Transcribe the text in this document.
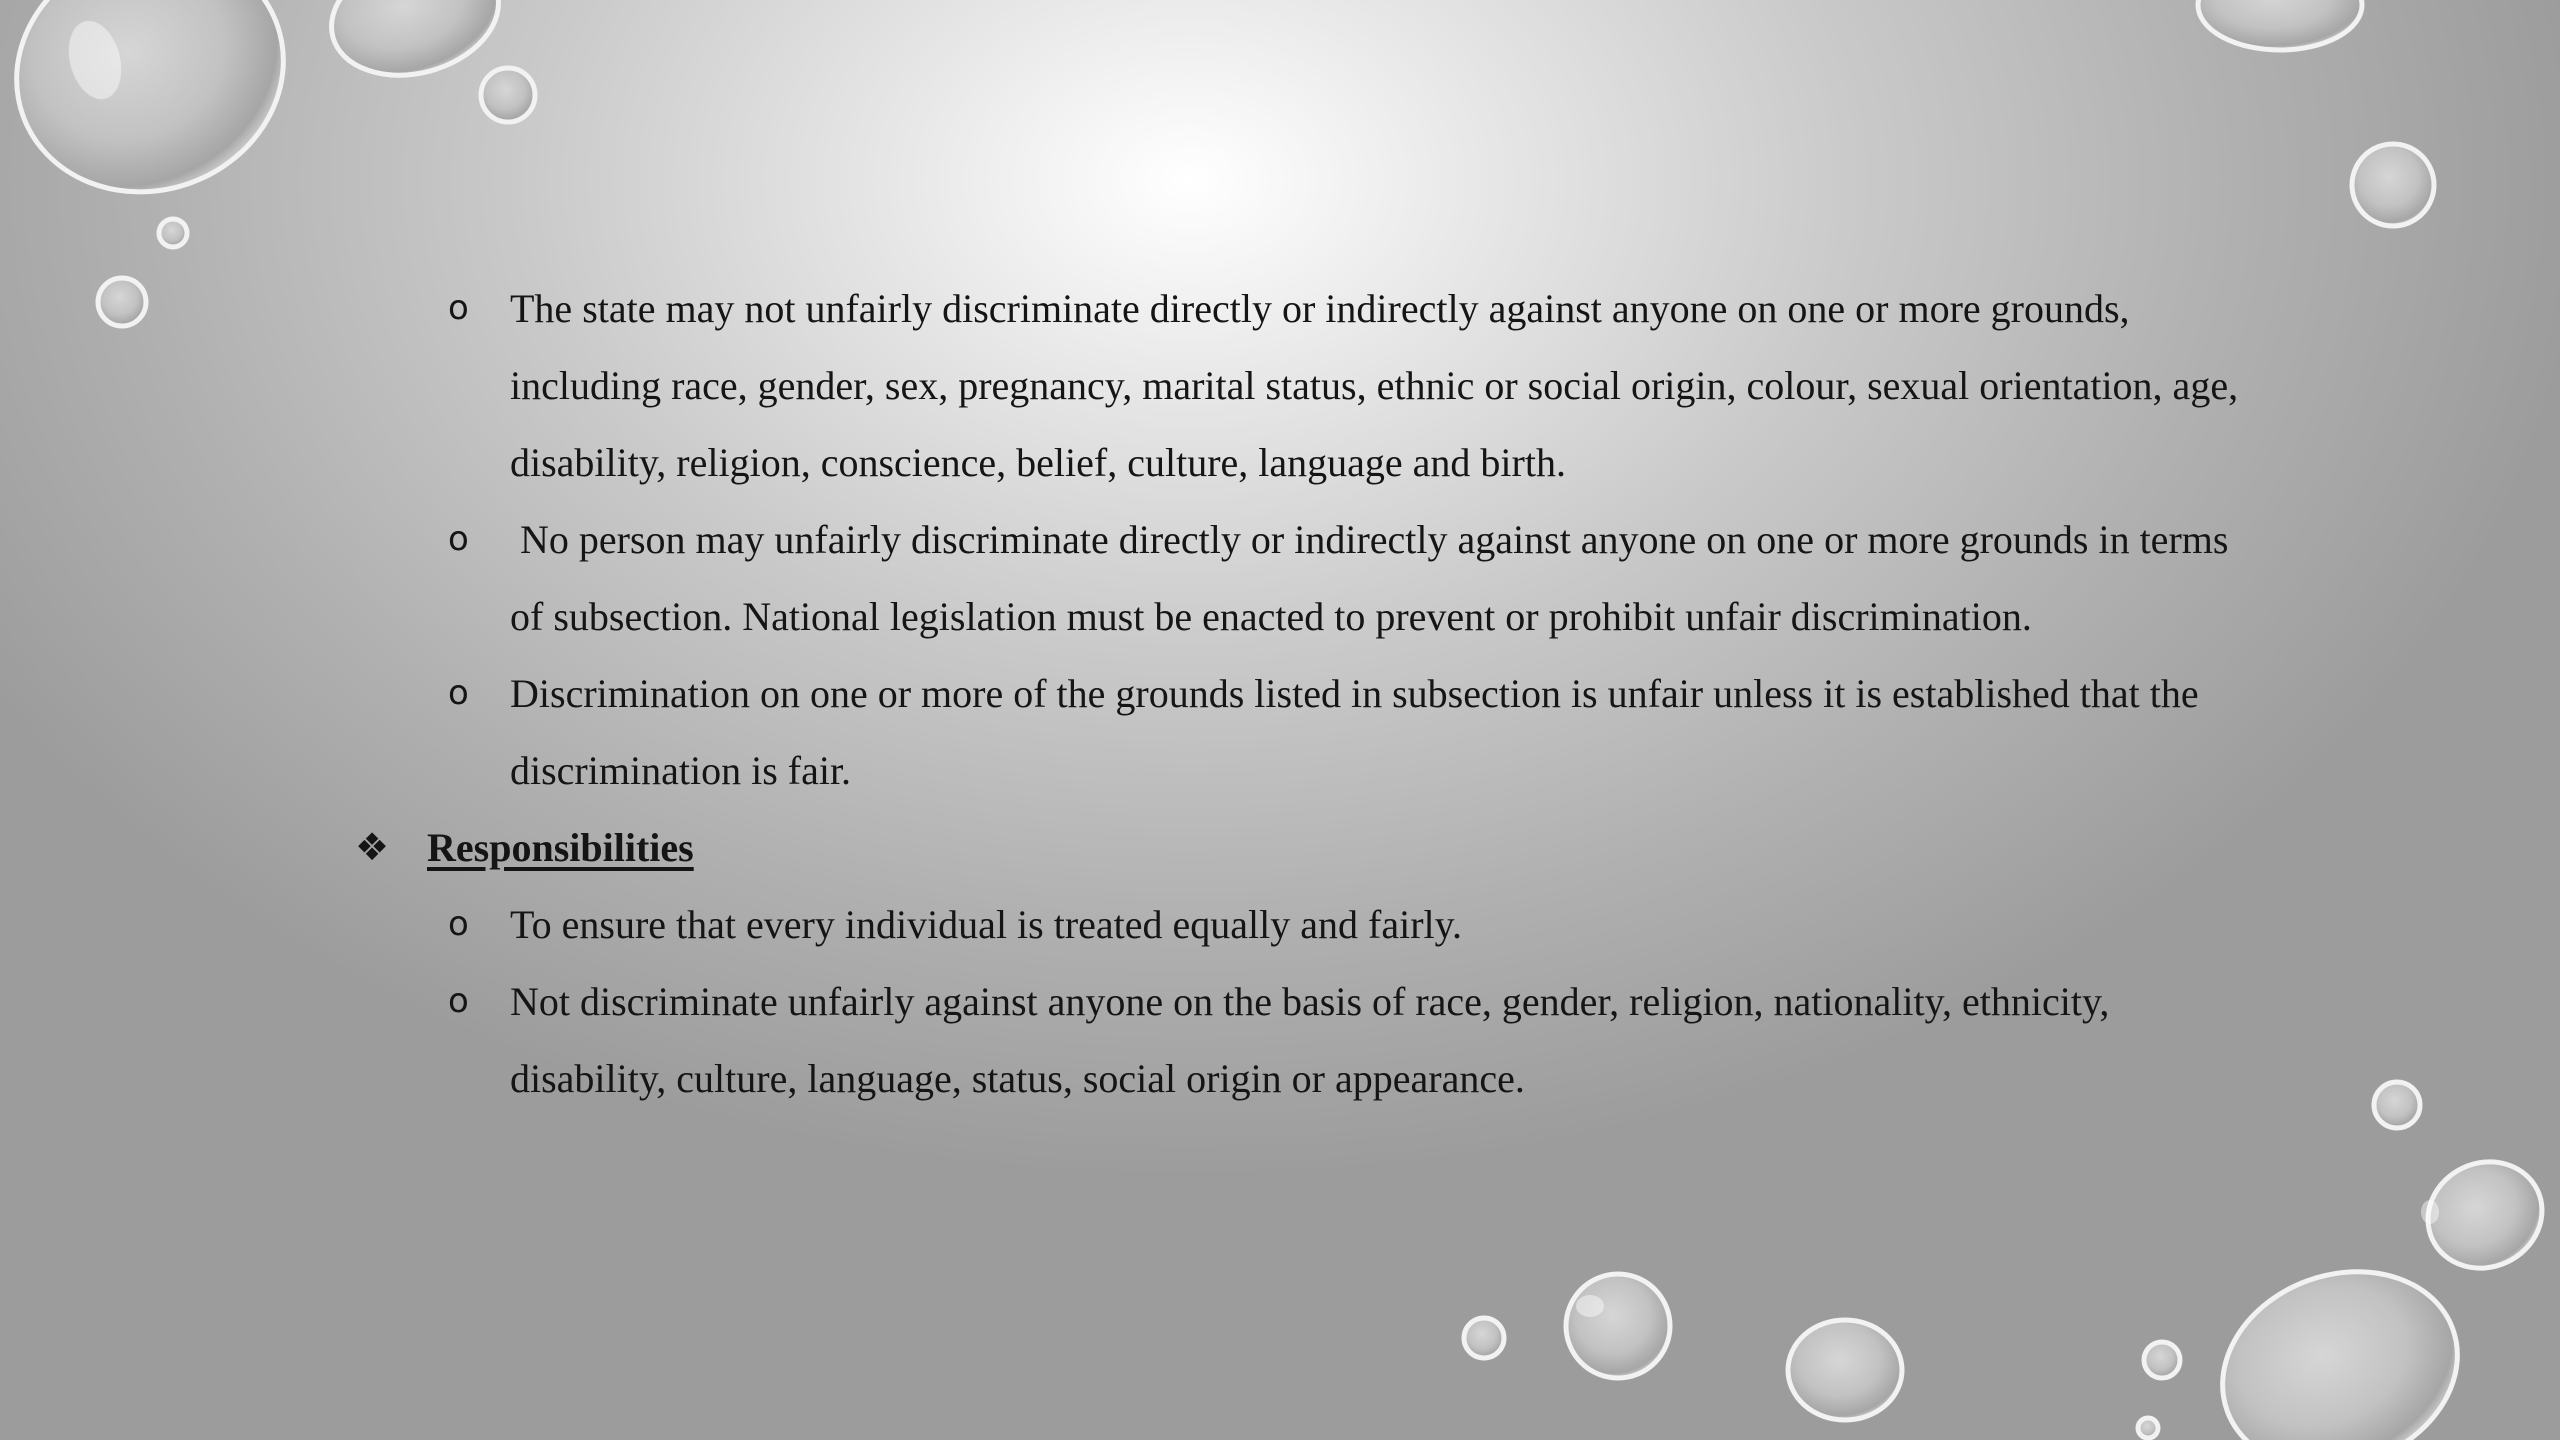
o The state may not unfairly discriminate directly or indirectly against anyone on one or more grounds, including race, gender, sex, pregnancy, marital status, ethnic or social origin, colour, sexual orientation, age, disability, religion, conscience, belief, culture, language and birth.
o No person may unfairly discriminate directly or indirectly against anyone on one or more grounds in terms of subsection. National legislation must be enacted to prevent or prohibit unfair discrimination.
o Discrimination on one or more of the grounds listed in subsection is unfair unless it is established that the discrimination is fair.
❖ Responsibilities
o To ensure that every individual is treated equally and fairly.
o Not discriminate unfairly against anyone on the basis of race, gender, religion, nationality, ethnicity, disability, culture, language, status, social origin or appearance.
